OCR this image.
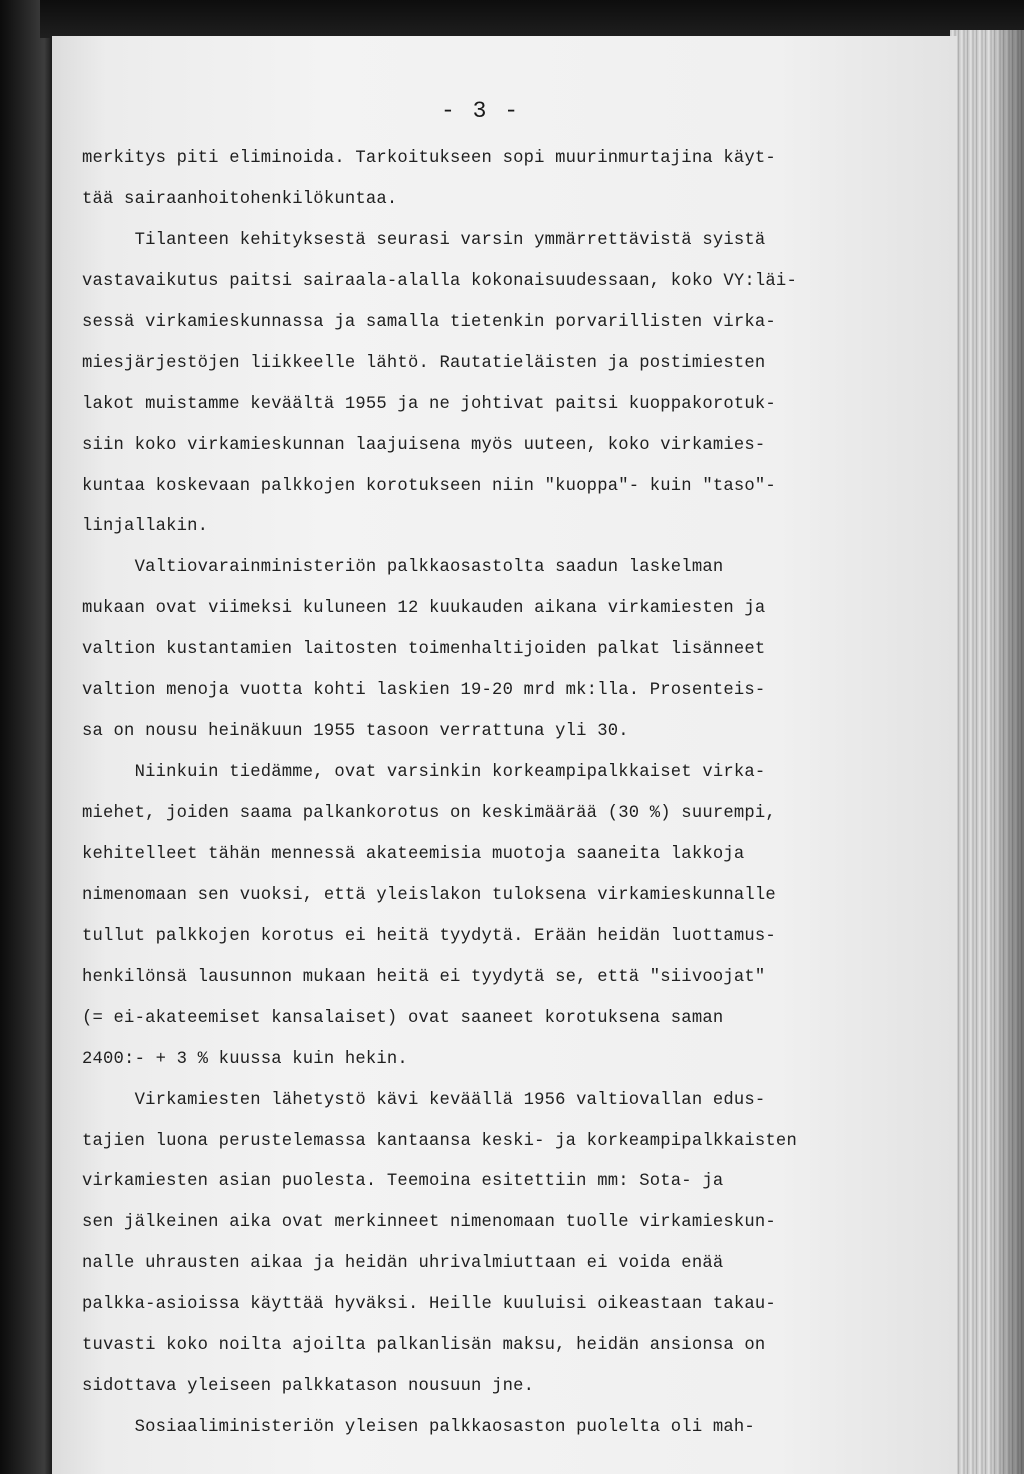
- 3 -
merkitys piti eliminoida. Tarkoitukseen sopi muurinmurtajina käyt-
tää sairaanhoitohenkilökuntaa.
Tilanteen kehityksestä seurasi varsin ymmärrettävistä syistä
vastavaikutus paitsi sairaala-alalla kokonaisuudessaan, koko VY:läi-
sessä virkamieskunnassa ja samalla tietenkin porvarillisten virka-
miesjärjestöjen liikkeelle lähtö. Rautatieläisten ja postimiesten
lakot muistamme keväältä 1955 ja ne johtivat paitsi kuoppakorotuk-
siin koko virkamieskunnan laajuisena myös uuteen, koko virkamies-
kuntaa koskevaan palkkojen korotukseen niin "kuoppa"- kuin "taso"-
linjallakin.
Valtiovarainministeriön palkkaosastolta saadun laskelman
mukaan ovat viimeksi kuluneen 12 kuukauden aikana virkamiesten ja
valtion kustantamien laitosten toimenhaltijoiden palkat lisänneet
valtion menoja vuotta kohti laskien 19-20 mrd mk:lla. Prosenteis-
sa on nousu heinäkuun 1955 tasoon verrattuna yli 30.
Niinkuin tiedämme, ovat varsinkin korkeampipalkkaiset virka-
miehet, joiden saama palkankorotus on keskimäärää (30 %) suurempi,
kehitelleet tähän mennessä akateemisia muotoja saaneita lakkoja
nimenomaan sen vuoksi, että yleislakon tuloksena virkamieskunnalle
tullut palkkojen korotus ei heitä tyydytä. Erään heidän luottamus-
henkilönsä lausunnon mukaan heitä ei tyydytä se, että "siivoojat"
(= ei-akateemiset kansalaiset) ovat saaneet korotuksena saman
2400:- + 3 % kuussa kuin hekin.
Virkamiesten lähetystö kävi keväällä 1956 valtiovallan edus-
tajien luona perustelemassa kantaansa keski- ja korkeampipalkkaisten
virkamiesten asian puolesta. Teemoina esitettiin mm: Sota- ja
sen jälkeinen aika ovat merkinneet nimenomaan tuolle virkamieskun-
nalle uhrausten aikaa ja heidän uhrivalmiuttaan ei voida enää
palkka-asioissa käyttää hyväksi. Heille kuuluisi oikeastaan takau-
tuvasti koko noilta ajoilta palkanlisän maksu, heidän ansionsa on
sidottava yleiseen palkkatason nousuun jne.
Sosiaaliministeriön yleisen palkkaosaston puolelta oli mah-
